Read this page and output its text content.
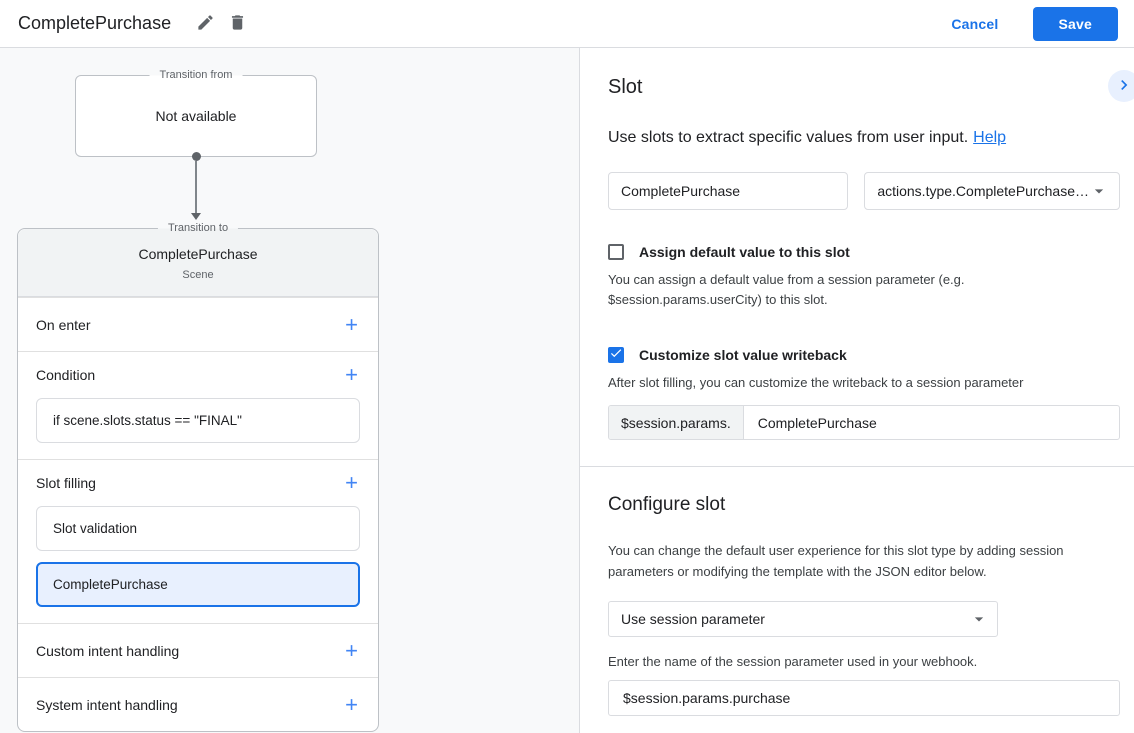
CompletePurchase	Cancel	Save
Transition from
Not available
Transition to
CompletePurchase
Scene
On enter	+
Condition	+
if scene.slots.status == "FINAL"
Slot filling	+
Slot validation
CompletePurchase
Custom intent handling	+
System intent handling	+
Slot

Use slots to extract specific values from user input. Help

CompletePurchase
actions.type.CompletePurchase…
Assign default value to this slot

You can assign a default value from a session parameter (e.g. $session.params.userCity) to this slot.

Customize slot value writeback

After slot filling, you can customize the writeback to a session parameter

$session.params.	CompletePurchase
Configure slot

You can change the default user experience for this slot type by adding session parameters or modifying the template with the JSON editor below.

Use session parameter

Enter the name of the session parameter used in your webhook.

$session.params.purchase
